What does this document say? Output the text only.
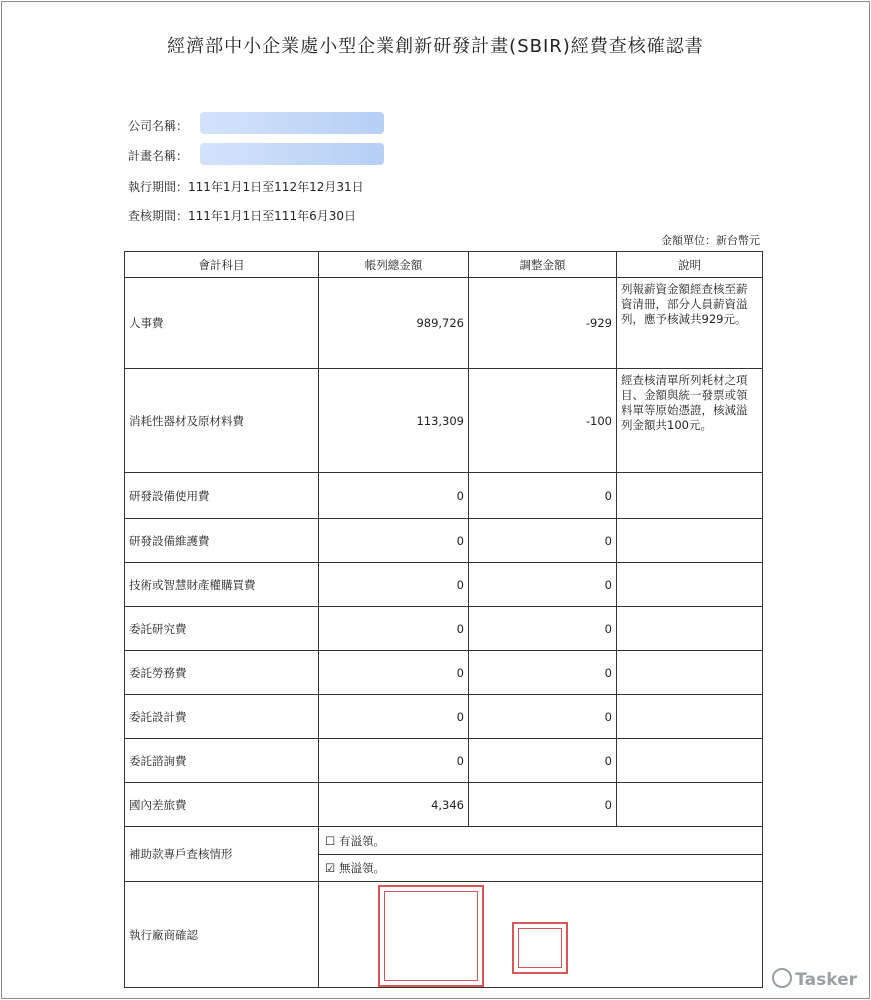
經濟部中小企業處小型企業創新研發計畫(SBIR)經費查核確認書
公司名稱：
計畫名稱：
執行期間：111年1月1日至112年12月31日
查核期間：111年1月1日至111年6月30日
金額單位：新台幣元
會計科目	帳列總金額	調整金額	說明
人事費	989,726	-929	列報薪資金額經查核至薪資清冊，部分人員薪資溢列，應予核減共929元。
消耗性器材及原材料費	113,309	-100	經查核清單所列耗材之項目、金額與統一發票或領料單等原始憑證，核減溢列金額共100元。
研發設備使用費	0	0	
研發設備維護費	0	0	
技術或智慧財產權購買費	0	0	
委託研究費	0	0	
委託勞務費	0	0	
委託設計費	0	0	
委託諮詢費	0	0	
國內差旅費	4,346	0	
補助款專戶查核情形	☐ 有溢領。
☑ 無溢領。		

執行廠商確認			
Tasker
